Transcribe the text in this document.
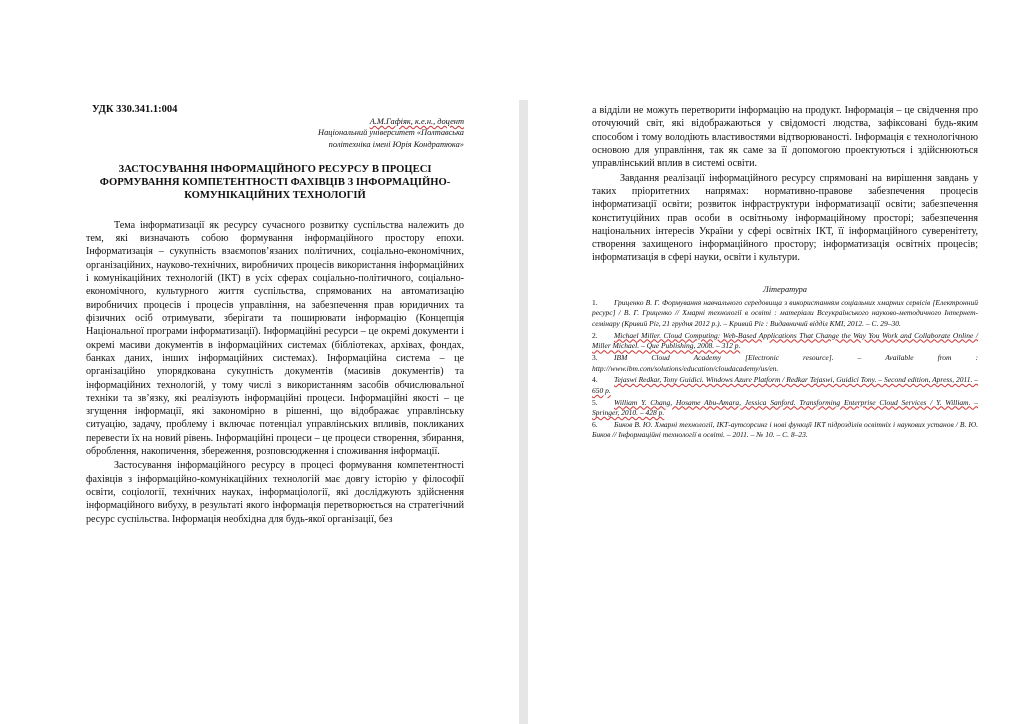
УДК 330.341.1:004
А.М.Гафіяк, к.е.н., доцент
Національний університет «Полтавська
політехніка імені Юрія Кондратюка»
ЗАСТОСУВАННЯ ІНФОРМАЦІЙНОГО РЕСУРСУ В ПРОЦЕСІ ФОРМУВАННЯ КОМПЕТЕНТНОСТІ ФАХІВЦІВ З ІНФОРМАЦІЙНО-КОМУНІКАЦІЙНИХ ТЕХНОЛОГІЙ

Тема інформатизації як ресурсу сучасного розвитку суспільства належить до тем, які визначають собою формування інформаційного простору епохи. Інформатизація – сукупність взаємопов’язаних політичних, соціально-економічних, організаційних, науково-технічних, виробничих процесів використання інформаційних і комунікаційних технологій (ІКТ) в усіх сферах соціально-політичного, соціально-економічного, культурного життя суспільства, спрямованих на автоматизацію виробничих процесів і процесів управління, на забезпечення прав юридичних та фізичних осіб отримувати, зберігати та поширювати інформацію (Концепція Національної програми інформатизації). Інформаційні ресурси – це окремі документи і окремі масиви документів в інформаційних системах (бібліотеках, архівах, фондах, банках даних, інших інформаційних системах). Інформаційна система – це організаційно упорядкована сукупність документів (масивів документів) та інформаційних технологій, у тому числі з використанням засобів обчислювальної техніки та зв’язку, які реалізують інформаційні процеси. Інформаційні якості – це згущення інформації, які закономірно в рішенні, що відображає управлінську ситуацію, задачу, проблему і включає потенціал управлінських впливів, покликаних перевести їх на новий рівень. Інформаційні процеси – це процеси створення, збирання, оброблення, накопичення, збереження, розповсюдження і споживання інформації.

Застосування інформаційного ресурсу в процесі формування компетентності фахівців з інформаційно-комунікаційних технологій має довгу історію у філософії освіти, соціології, технічних науках, інформаціології, які досліджують здійснення інформаційного вибуху, в результаті якого інформація перетворюється на стратегічний ресурс суспільства. Інформація необхідна для будь-якої організації, без

а відділи не можуть перетворити інформацію на продукт. Інформація – це свідчення про оточуючий світ, які відображаються у свідомості людства, зафіксовані будь-яким способом і тому володіють властивостями відтворюваності. Інформація є технологічною основою для управління, так як саме за її допомогою проектуються і здійснюються управлінський вплив в системі освіти.

Завдання реалізації інформаційного ресурсу спрямовані на вирішення завдань у таких пріоритетних напрямах: нормативно-правове забезпечення процесів інформатизації освіти; розвиток інфраструктури інформатизації освіти; забезпечення конституційних прав особи в освітньому інформаційному просторі; забезпечення національних інтересів України у сфері освітніх ІКТ, її інформаційного суверенітету, створення захищеного інформаційного простору; інформатизація освітніх процесів; інформатизація в сфері науки, освіти і культури.

Література
1. Гриценко В. Г. Формування навчального середовища з використанням соціальних хмарних сервісів [Електронний ресурс] / В. Г. Гриценко // Хмарні технології в освіті : матеріали Всеукраїнського науково-методичного Інтернет-семінару (Кривий Ріг, 21 грудня 2012 р.). – Кривий Ріг : Видавничий відділ КМІ, 2012. – С. 29–30.
2. Michael Miller. Cloud Computing: Web-Based Applications That Change the Way You Work and Collaborate Online / Miller Michael. – Que Publishing, 2008. – 312 p.
3. IBM Cloud Academy [Electronic resource]. – Available from : http://www.ibm.com/solutions/education/cloudacademy/us/en.
4. Tejaswi Redkar, Tony Guidici. Windows Azure Platform / Redkar Tejaswi, Guidici Tony. – Second edition, Apress, 2011. – 650 p.
5. William Y. Chang, Hosame Abu-Amara, Jessica Sanford. Transforming Enterprise Cloud Services / Y. William. – Springer, 2010. – 428 p.
6. Биков В. Ю. Хмарні технології, ІКТ-аутсорсинг і нові функції ІКТ підрозділів освітніх і наукових установ / В. Ю. Биков // Інформаційні технології в освіті. – 2011. – № 10. – С. 8–23.
